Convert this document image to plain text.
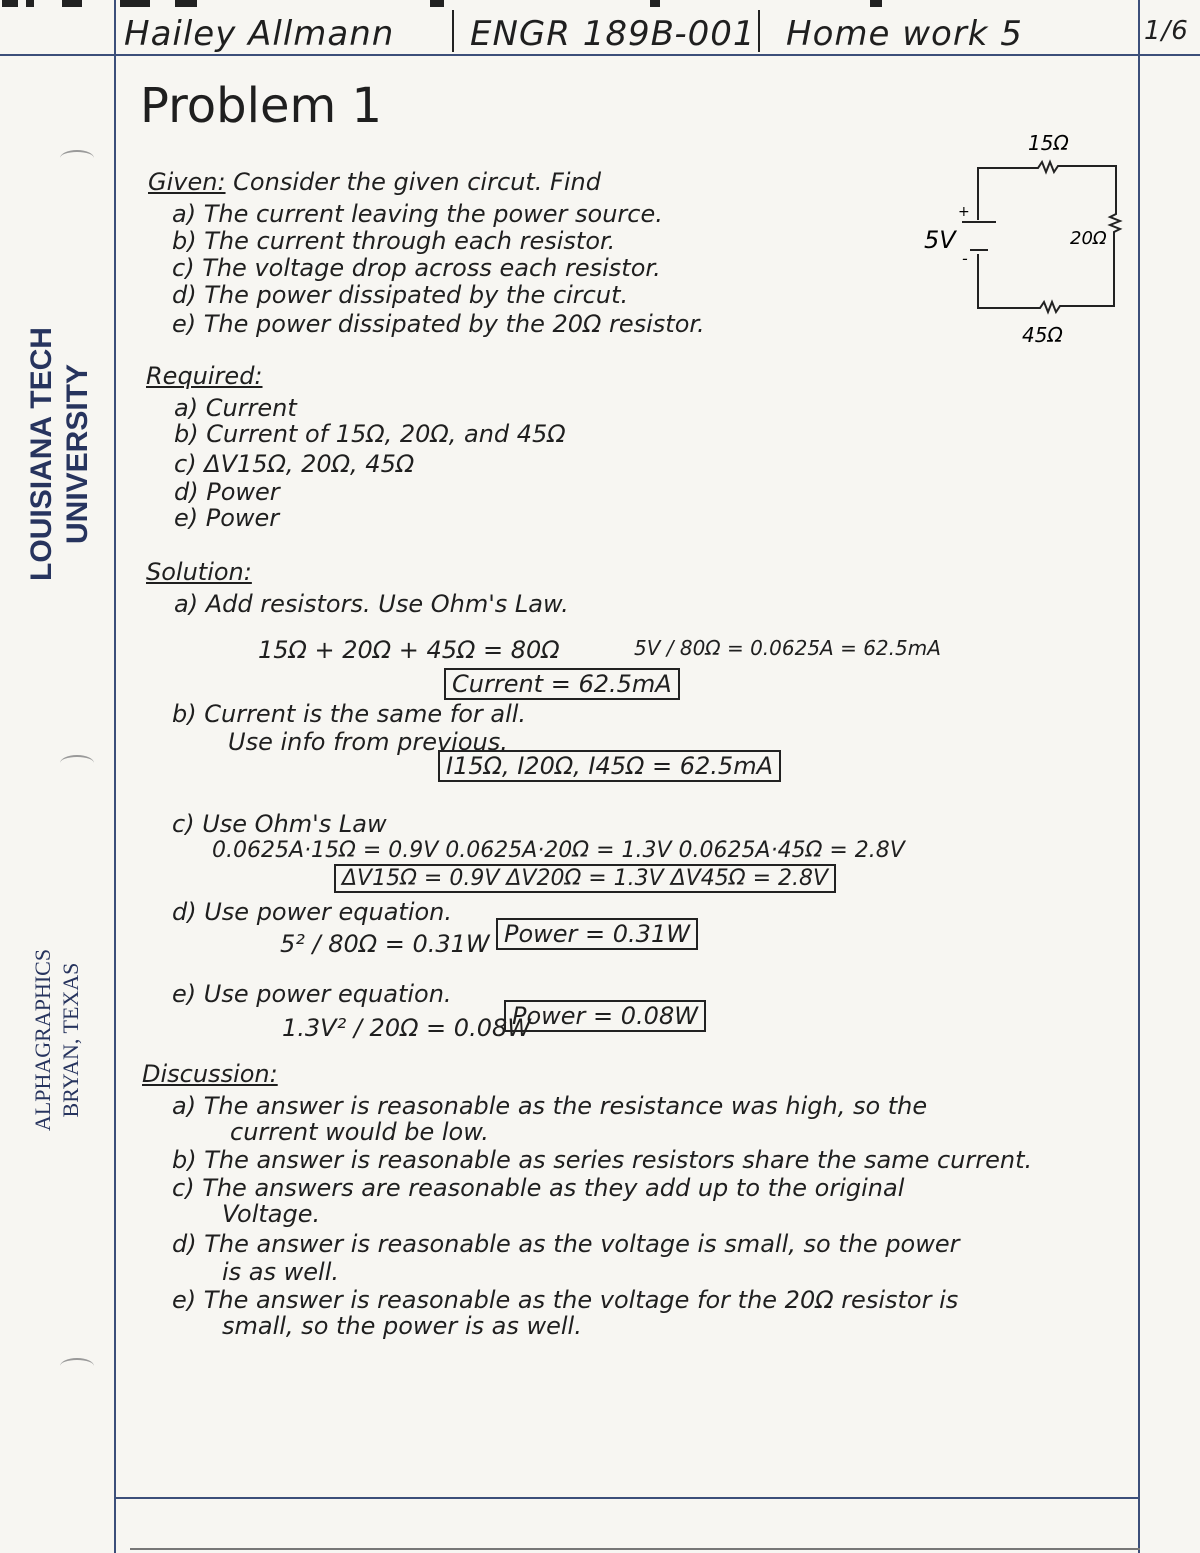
LOUISIANA TECH UNIVERSITY
ALPHAGRAPHICS BRYAN, TEXAS
Hailey Allmann ENGR 189B-001 Home work 5	1/6
Problem 1
15Ω
20Ω
45Ω
5V
+
-
Given: Consider the given circut. Find
a) The current leaving the power source.
b) The current through each resistor.
c) The voltage drop across each resistor.
d) The power dissipated by the circut.
e) The power dissipated by the 20Ω resistor.
Required:
a) Current
b) Current of 15Ω, 20Ω, and 45Ω
c) ΔV15Ω, 20Ω, 45Ω
d) Power
e) Power
Solution:
a) Add resistors. Use Ohm's Law.
15Ω + 20Ω + 45Ω = 80Ω	5V / 80Ω = 0.0625A = 62.5mA
Current = 62.5mA
b) Current is the same for all.
Use info from previous.
I15Ω, I20Ω, I45Ω = 62.5mA
c) Use Ohm's Law
0.0625A·15Ω = 0.9V 0.0625A·20Ω = 1.3V 0.0625A·45Ω = 2.8V
ΔV15Ω = 0.9V ΔV20Ω = 1.3V ΔV45Ω = 2.8V
d) Use power equation.
5² / 80Ω = 0.31W Power = 0.31W
e) Use power equation.
1.3V² / 20Ω = 0.08W
Power = 0.08W
Discussion:
a) The answer is reasonable as the resistance was high, so the
current would be low.
b) The answer is reasonable as series resistors share the same current.
c) The answers are reasonable as they add up to the original
Voltage.
d) The answer is reasonable as the voltage is small, so the power
is as well.
e) The answer is reasonable as the voltage for the 20Ω resistor is
small, so the power is as well.
